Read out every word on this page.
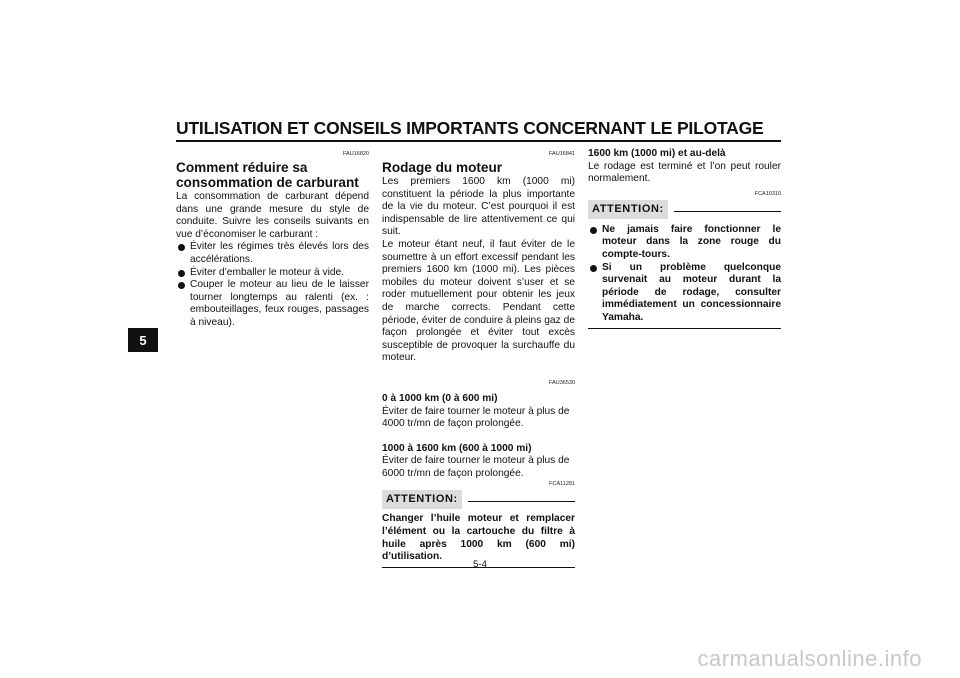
UTILISATION ET CONSEILS IMPORTANTS CONCERNANT LE PILOTAGE
5
FAU16820
Comment réduire sa consommation de carburant

La consommation de carburant dépend dans une grande mesure du style de conduite. Suivre les conseils suivants en vue d’économiser le carburant :

Éviter les régimes très élevés lors des accélérations.
Éviter d’emballer le moteur à vide.
Couper le moteur au lieu de le laisser tourner longtemps au ralenti (ex. : embouteillages, feux rouges, passages à niveau).
FAU16841
Rodage du moteur

Les premiers 1600 km (1000 mi) constituent la période la plus importante de la vie du moteur. C’est pourquoi il est indispensable de lire attentivement ce qui suit.

Le moteur étant neuf, il faut éviter de le soumettre à un effort excessif pendant les premiers 1600 km (1000 mi). Les pièces mobiles du moteur doivent s’user et se roder mutuellement pour obtenir les jeux de marche corrects. Pendant cette période, éviter de conduire à pleins gaz de façon prolongée et éviter tout excès susceptible de provoquer la surchauffe du moteur.

FAU36530

0 à 1000 km (0 à 600 mi)

Éviter de faire tourner le moteur à plus de 4000 tr/mn de façon prolongée.

1000 à 1600 km (600 à 1000 mi)

Éviter de faire tourner le moteur à plus de 6000 tr/mn de façon prolongée.

FCA11281
ATTENTION:
Changer l’huile moteur et remplacer l’élément ou la cartouche du filtre à huile après 1000 km (600 mi) d’utilisation.

1600 km (1000 mi) et au-delà

Le rodage est terminé et l’on peut rouler normalement.

FCA10310
ATTENTION:
Ne jamais faire fonctionner le moteur dans la zone rouge du compte-tours.
Si un problème quelconque survenait au moteur durant la période de rodage, consulter immédiatement un concessionnaire Yamaha.
5-4
carmanualsonline.info
